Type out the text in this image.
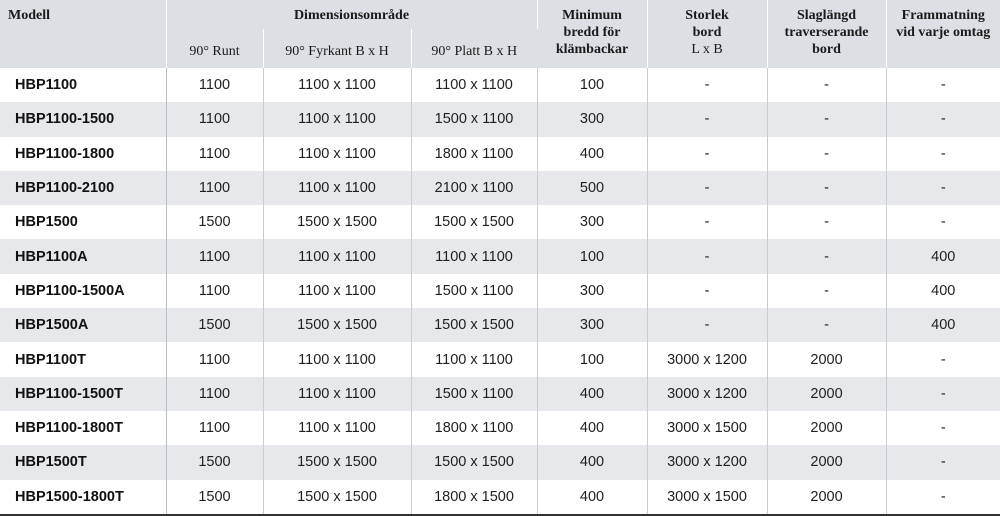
Modell	Dimensionsområde			Minimum
bredd för
klämbackar	Storlek
bord
L x B	Slaglängd
traverserande
bord	Frammatning
vid varje omtag
	90° Runt	90° Fyrkant B x H	90° Platt B x H				
HBP1100	1100	1100 x 1100	1100 x 1100	100	-	-	-
HBP1100-1500	1100	1100 x 1100	1500 x 1100	300	-	-	-
HBP1100-1800	1100	1100 x 1100	1800 x 1100	400	-	-	-
HBP1100-2100	1100	1100 x 1100	2100 x 1100	500	-	-	-
HBP1500	1500	1500 x 1500	1500 x 1500	300	-	-	-
HBP1100A	1100	1100 x 1100	1100 x 1100	100	-	-	400
HBP1100-1500A	1100	1100 x 1100	1500 x 1100	300	-	-	400
HBP1500A	1500	1500 x 1500	1500 x 1500	300	-	-	400
HBP1100T	1100	1100 x 1100	1100 x 1100	100	3000 x 1200	2000	-
HBP1100-1500T	1100	1100 x 1100	1500 x 1100	400	3000 x 1200	2000	-
HBP1100-1800T	1100	1100 x 1100	1800 x 1100	400	3000 x 1500	2000	-
HBP1500T	1500	1500 x 1500	1500 x 1500	400	3000 x 1200	2000	-
HBP1500-1800T	1500	1500 x 1500	1800 x 1500	400	3000 x 1500	2000	-
